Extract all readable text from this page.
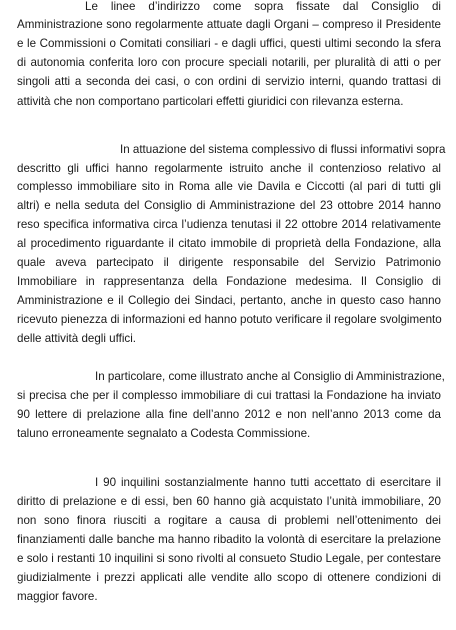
Le linee d’indirizzo come sopra fissate dal Consiglio di
Amministrazione sono regolarmente attuate dagli Organi – compreso il Presidente
e le Commissioni o Comitati consiliari - e dagli uffici, questi ultimi secondo la sfera
di autonomia conferita loro con procure speciali notarili, per pluralità di atti o per
singoli atti a seconda dei casi, o con ordini di servizio interni, quando trattasi di
attività che non comportano particolari effetti giuridici con rilevanza esterna.
In attuazione del sistema complessivo di flussi informativi sopra
descritto gli uffici hanno regolarmente istruito anche il contenzioso relativo al
complesso immobiliare sito in Roma alle vie Davila e Ciccotti (al pari di tutti gli
altri) e nella seduta del Consiglio di Amministrazione del 23 ottobre 2014 hanno
reso specifica informativa circa l’udienza tenutasi il 22 ottobre 2014 relativamente
al procedimento riguardante il citato immobile di proprietà della Fondazione, alla
quale aveva partecipato il dirigente responsabile del Servizio Patrimonio
Immobiliare in rappresentanza della Fondazione medesima. Il Consiglio di
Amministrazione e il Collegio dei Sindaci, pertanto, anche in questo caso hanno
ricevuto pienezza di informazioni ed hanno potuto verificare il regolare svolgimento
delle attività degli uffici.
In particolare, come illustrato anche al Consiglio di Amministrazione,
si precisa che per il complesso immobiliare di cui trattasi la Fondazione ha inviato
90 lettere di prelazione alla fine dell’anno 2012 e non nell’anno 2013 come da
taluno erroneamente segnalato a Codesta Commissione.
I 90 inquilini sostanzialmente hanno tutti accettato di esercitare il
diritto di prelazione e di essi, ben 60 hanno già acquistato l’unità immobiliare, 20
non sono finora riusciti a rogitare a causa di problemi nell’ottenimento dei
finanziamenti dalle banche ma hanno ribadito la volontà di esercitare la prelazione
e solo i restanti 10 inquilini si sono rivolti al consueto Studio Legale, per contestare
giudizialmente i prezzi applicati alle vendite allo scopo di ottenere condizioni di
maggior favore.
